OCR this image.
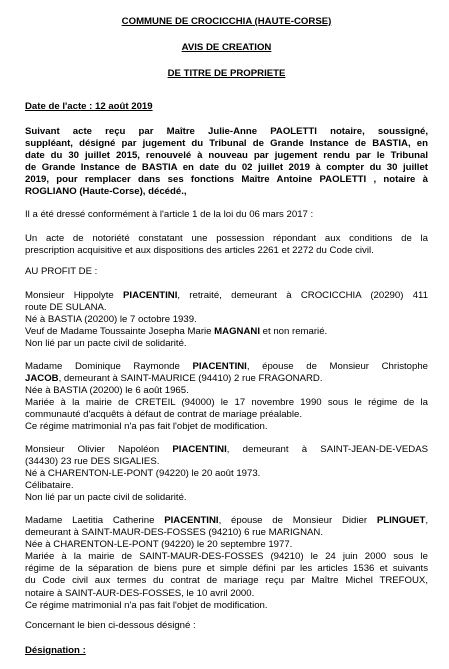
COMMUNE DE CROCICCHIA (HAUTE-CORSE)
AVIS DE CREATION
DE TITRE DE PROPRIETE
Date de l'acte : 12 août 2019
Suivant acte reçu par Maître Julie-Anne PAOLETTI notaire, soussigné,
suppléant, désigné par jugement du Tribunal de Grande Instance de BASTIA, en
date du 30 juillet 2015, renouvelé à nouveau par jugement rendu par le Tribunal
de Grande Instance de BASTIA en date du 02 juillet 2019 à compter du 30 juillet
2019, pour remplacer dans ses fonctions Maître Antoine PAOLETTI , notaire à
ROGLIANO (Haute-Corse), décédé.,
Il a été dressé conformément à l'article 1 de la loi du 06 mars 2017 :
Un acte de notoriété constatant une possession répondant aux conditions de la
prescription acquisitive et aux dispositions des articles 2261 et 2272 du Code civil.
AU PROFIT DE :
Monsieur Hippolyte PIACENTINI, retraité, demeurant à CROCICCHIA (20290) 411
route DE SULANA.
Né à BASTIA (20200) le 7 octobre 1939.
Veuf de Madame Toussainte Josepha Marie MAGNANI et non remarié.
Non lié par un pacte civil de solidarité.
Madame Dominique Raymonde PIACENTINI, épouse de Monsieur Christophe
JACOB, demeurant à SAINT-MAURICE (94410) 2 rue FRAGONARD.
Née à BASTIA (20200) le 6 août 1965.
Mariée à la mairie de CRETEIL (94000) le 17 novembre 1990 sous le régime de la
communauté d'acquêts à défaut de contrat de mariage préalable.
Ce régime matrimonial n'a pas fait l'objet de modification.
Monsieur Olivier Napoléon PIACENTINI, demeurant à SAINT-JEAN-DE-VEDAS
(34430) 23 rue DES SIGALIES.
Né à CHARENTON-LE-PONT (94220) le 20 août 1973.
Célibataire.
Non lié par un pacte civil de solidarité.
Madame Laetitia Catherine PIACENTINI, épouse de Monsieur Didier PLINGUET,
demeurant à SAINT-MAUR-DES-FOSSES (94210) 6 rue MARIGNAN.
Née à CHARENTON-LE-PONT (94220) le 20 septembre 1977.
Mariée à la mairie de SAINT-MAUR-DES-FOSSES (94210) le 24 juin 2000 sous le
régime de la séparation de biens pure et simple défini par les articles 1536 et suivants
du Code civil aux termes du contrat de mariage reçu par Maître Michel TREFOUX,
notaire à SAINT-AUR-DES-FOSSES, le 10 avril 2000.
Ce régime matrimonial n'a pas fait l'objet de modification.
Concernant le bien ci-dessous désigné :
Désignation :
